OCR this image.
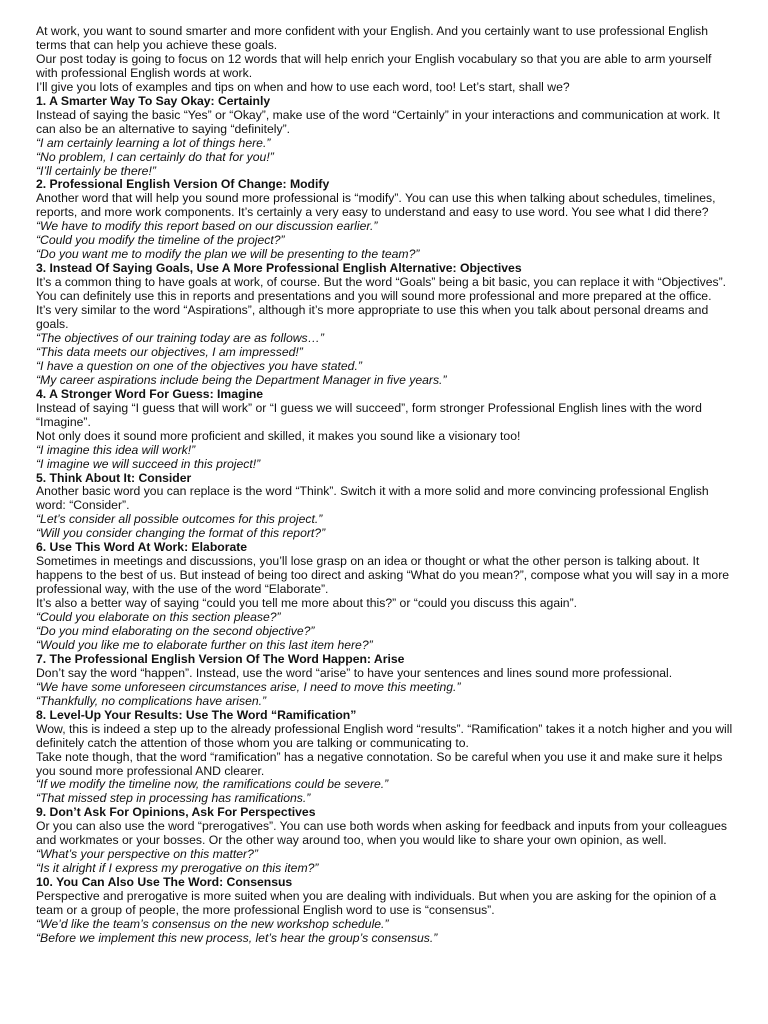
At work, you want to sound smarter and more confident with your English. And you certainly want to use professional English terms that can help you achieve these goals.

Our post today is going to focus on 12 words that will help enrich your English vocabulary so that you are able to arm yourself with professional English words at work.

I’ll give you lots of examples and tips on when and how to use each word, too! Let’s start, shall we?

1. A Smarter Way To Say Okay: Certainly

Instead of saying the basic “Yes” or “Okay”, make use of the word “Certainly” in your interactions and communication at work. It can also be an alternative to saying “definitely”.

“I am certainly learning a lot of things here.”

“No problem, I can certainly do that for you!”

“I’ll certainly be there!”

2. Professional English Version Of Change: Modify

Another word that will help you sound more professional is “modify”. You can use this when talking about schedules, timelines, reports, and more work components. It’s certainly a very easy to understand and easy to use word. You see what I did there?

“We have to modify this report based on our discussion earlier.”

“Could you modify the timeline of the project?”

“Do you want me to modify the plan we will be presenting to the team?”

3. Instead Of Saying Goals, Use A More Professional English Alternative: Objectives

It’s a common thing to have goals at work, of course. But the word “Goals” being a bit basic, you can replace it with “Objectives”.

You can definitely use this in reports and presentations and you will sound more professional and more prepared at the office.

It’s very similar to the word “Aspirations”, although it’s more appropriate to use this when you talk about personal dreams and goals.

“The objectives of our training today are as follows…”

“This data meets our objectives, I am impressed!”

“I have a question on one of the objectives you have stated.”

“My career aspirations include being the Department Manager in five years.”

4. A Stronger Word For Guess: Imagine

Instead of saying “I guess that will work” or “I guess we will succeed”, form stronger Professional English lines with the word “Imagine”.

Not only does it sound more proficient and skilled, it makes you sound like a visionary too!

“I imagine this idea will work!”

“I imagine we will succeed in this project!”

5. Think About It: Consider

Another basic word you can replace is the word “Think”. Switch it with a more solid and more convincing professional English word: “Consider”.

“Let’s consider all possible outcomes for this project.”

“Will you consider changing the format of this report?”

6. Use This Word At Work: Elaborate

Sometimes in meetings and discussions, you’ll lose grasp on an idea or thought or what the other person is talking about. It happens to the best of us. But instead of being too direct and asking “What do you mean?”, compose what you will say in a more professional way, with the use of the word “Elaborate”.

It’s also a better way of saying “could you tell me more about this?” or “could you discuss this again”.

“Could you elaborate on this section please?”

“Do you mind elaborating on the second objective?”

“Would you like me to elaborate further on this last item here?”

7. The Professional English Version Of The Word Happen: Arise

Don’t say the word “happen”. Instead, use the word “arise” to have your sentences and lines sound more professional.

“We have some unforeseen circumstances arise, I need to move this meeting.”

“Thankfully, no complications have arisen.”

8. Level-Up Your Results: Use The Word “Ramification”

Wow, this is indeed a step up to the already professional English word “results”. “Ramification” takes it a notch higher and you will definitely catch the attention of those whom you are talking or communicating to.

Take note though, that the word “ramification” has a negative connotation. So be careful when you use it and make sure it helps you sound more professional AND clearer.

“If we modify the timeline now, the ramifications could be severe.”

“That missed step in processing has ramifications.”

9. Don’t Ask For Opinions, Ask For Perspectives

Or you can also use the word “prerogatives”. You can use both words when asking for feedback and inputs from your colleagues and workmates or your bosses. Or the other way around too, when you would like to share your own opinion, as well.

“What’s your perspective on this matter?”

“Is it alright if I express my prerogative on this item?”

10. You Can Also Use The Word: Consensus

Perspective and prerogative is more suited when you are dealing with individuals. But when you are asking for the opinion of a team or a group of people, the more professional English word to use is “consensus”.

“We’d like the team’s consensus on the new workshop schedule.”

“Before we implement this new process, let’s hear the group’s consensus.”
